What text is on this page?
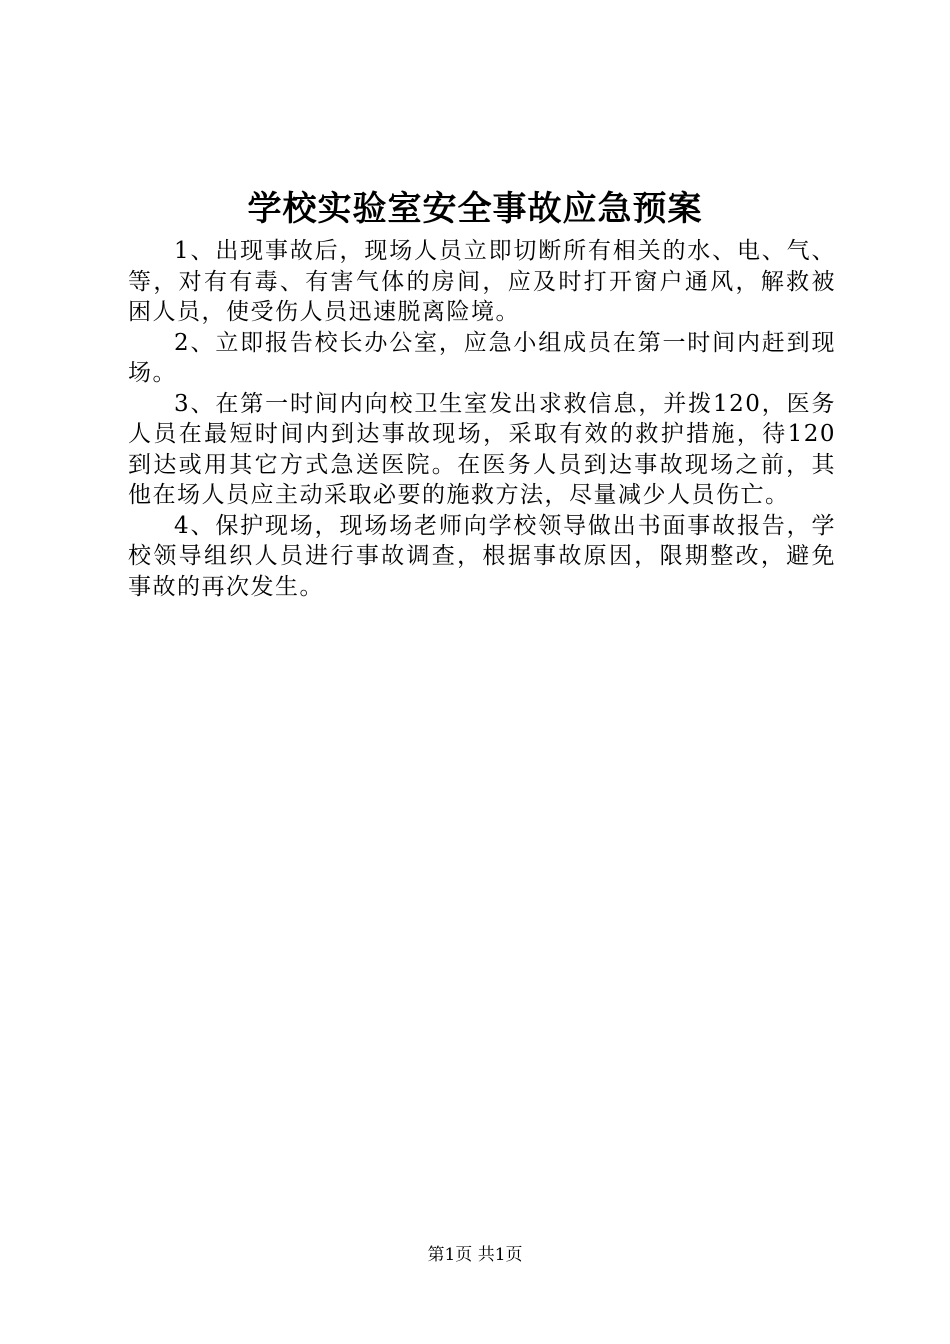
学校实验室安全事故应急预案

1、出现事故后，现场人员立即切断所有相关的水、电、气、等，对有有毒、有害气体的房间，应及时打开窗户通风，解救被困人员，使受伤人员迅速脱离险境。

2、立即报告校长办公室，应急小组成员在第一时间内赶到现场。

3、在第一时间内向校卫生室发出求救信息，并拨120，医务人员在最短时间内到达事故现场，采取有效的救护措施，待120到达或用其它方式急送医院。在医务人员到达事故现场之前，其他在场人员应主动采取必要的施救方法，尽量减少人员伤亡。

4、保护现场，现场场老师向学校领导做出书面事故报告，学校领导组织人员进行事故调查，根据事故原因，限期整改，避免事故的再次发生。

第1页 共1页
